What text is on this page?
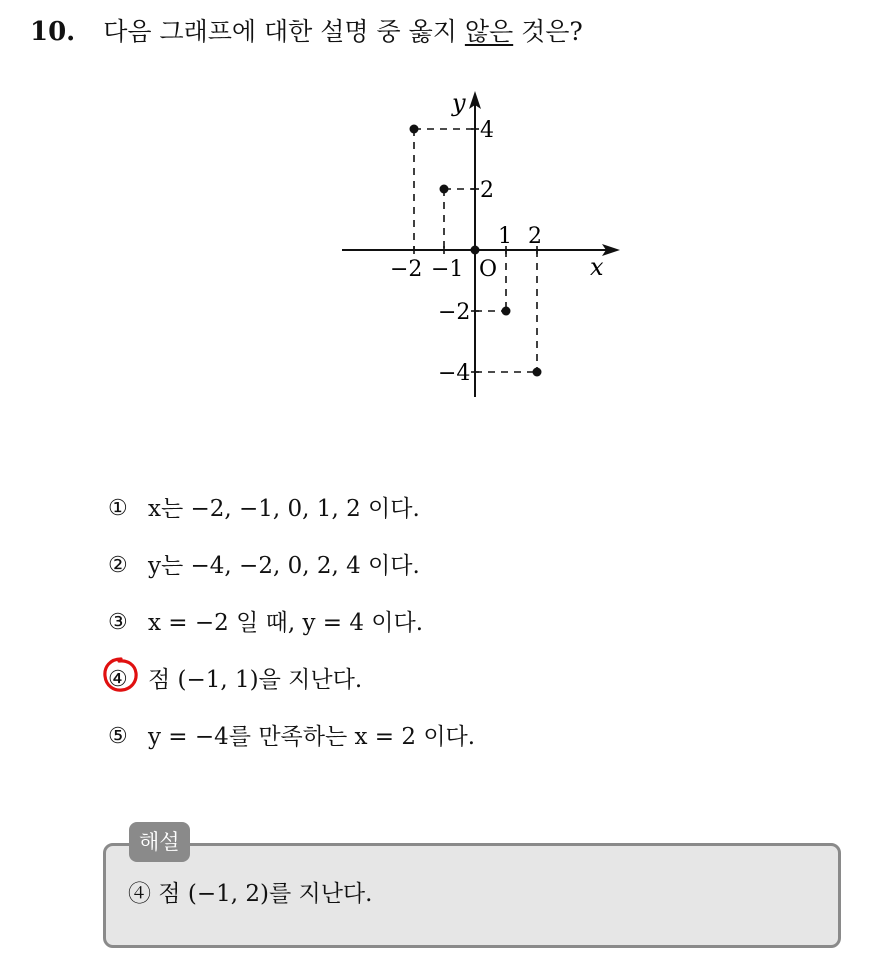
10. 다음 그래프에 대한 설명 중 옳지 않은 것은?
y
x
O
−2 −1
1 2
4
2
−2
−4
① x는 −2, −1, 0, 1, 2 이다.
② y는 −4, −2, 0, 2, 4 이다.
③ x = −2 일 때, y = 4 이다.
④ 점 (−1, 1)을 지난다.
⑤ y = −4를 만족하는 x = 2 이다.
해설
④ 점 (−1, 2)를 지난다.
